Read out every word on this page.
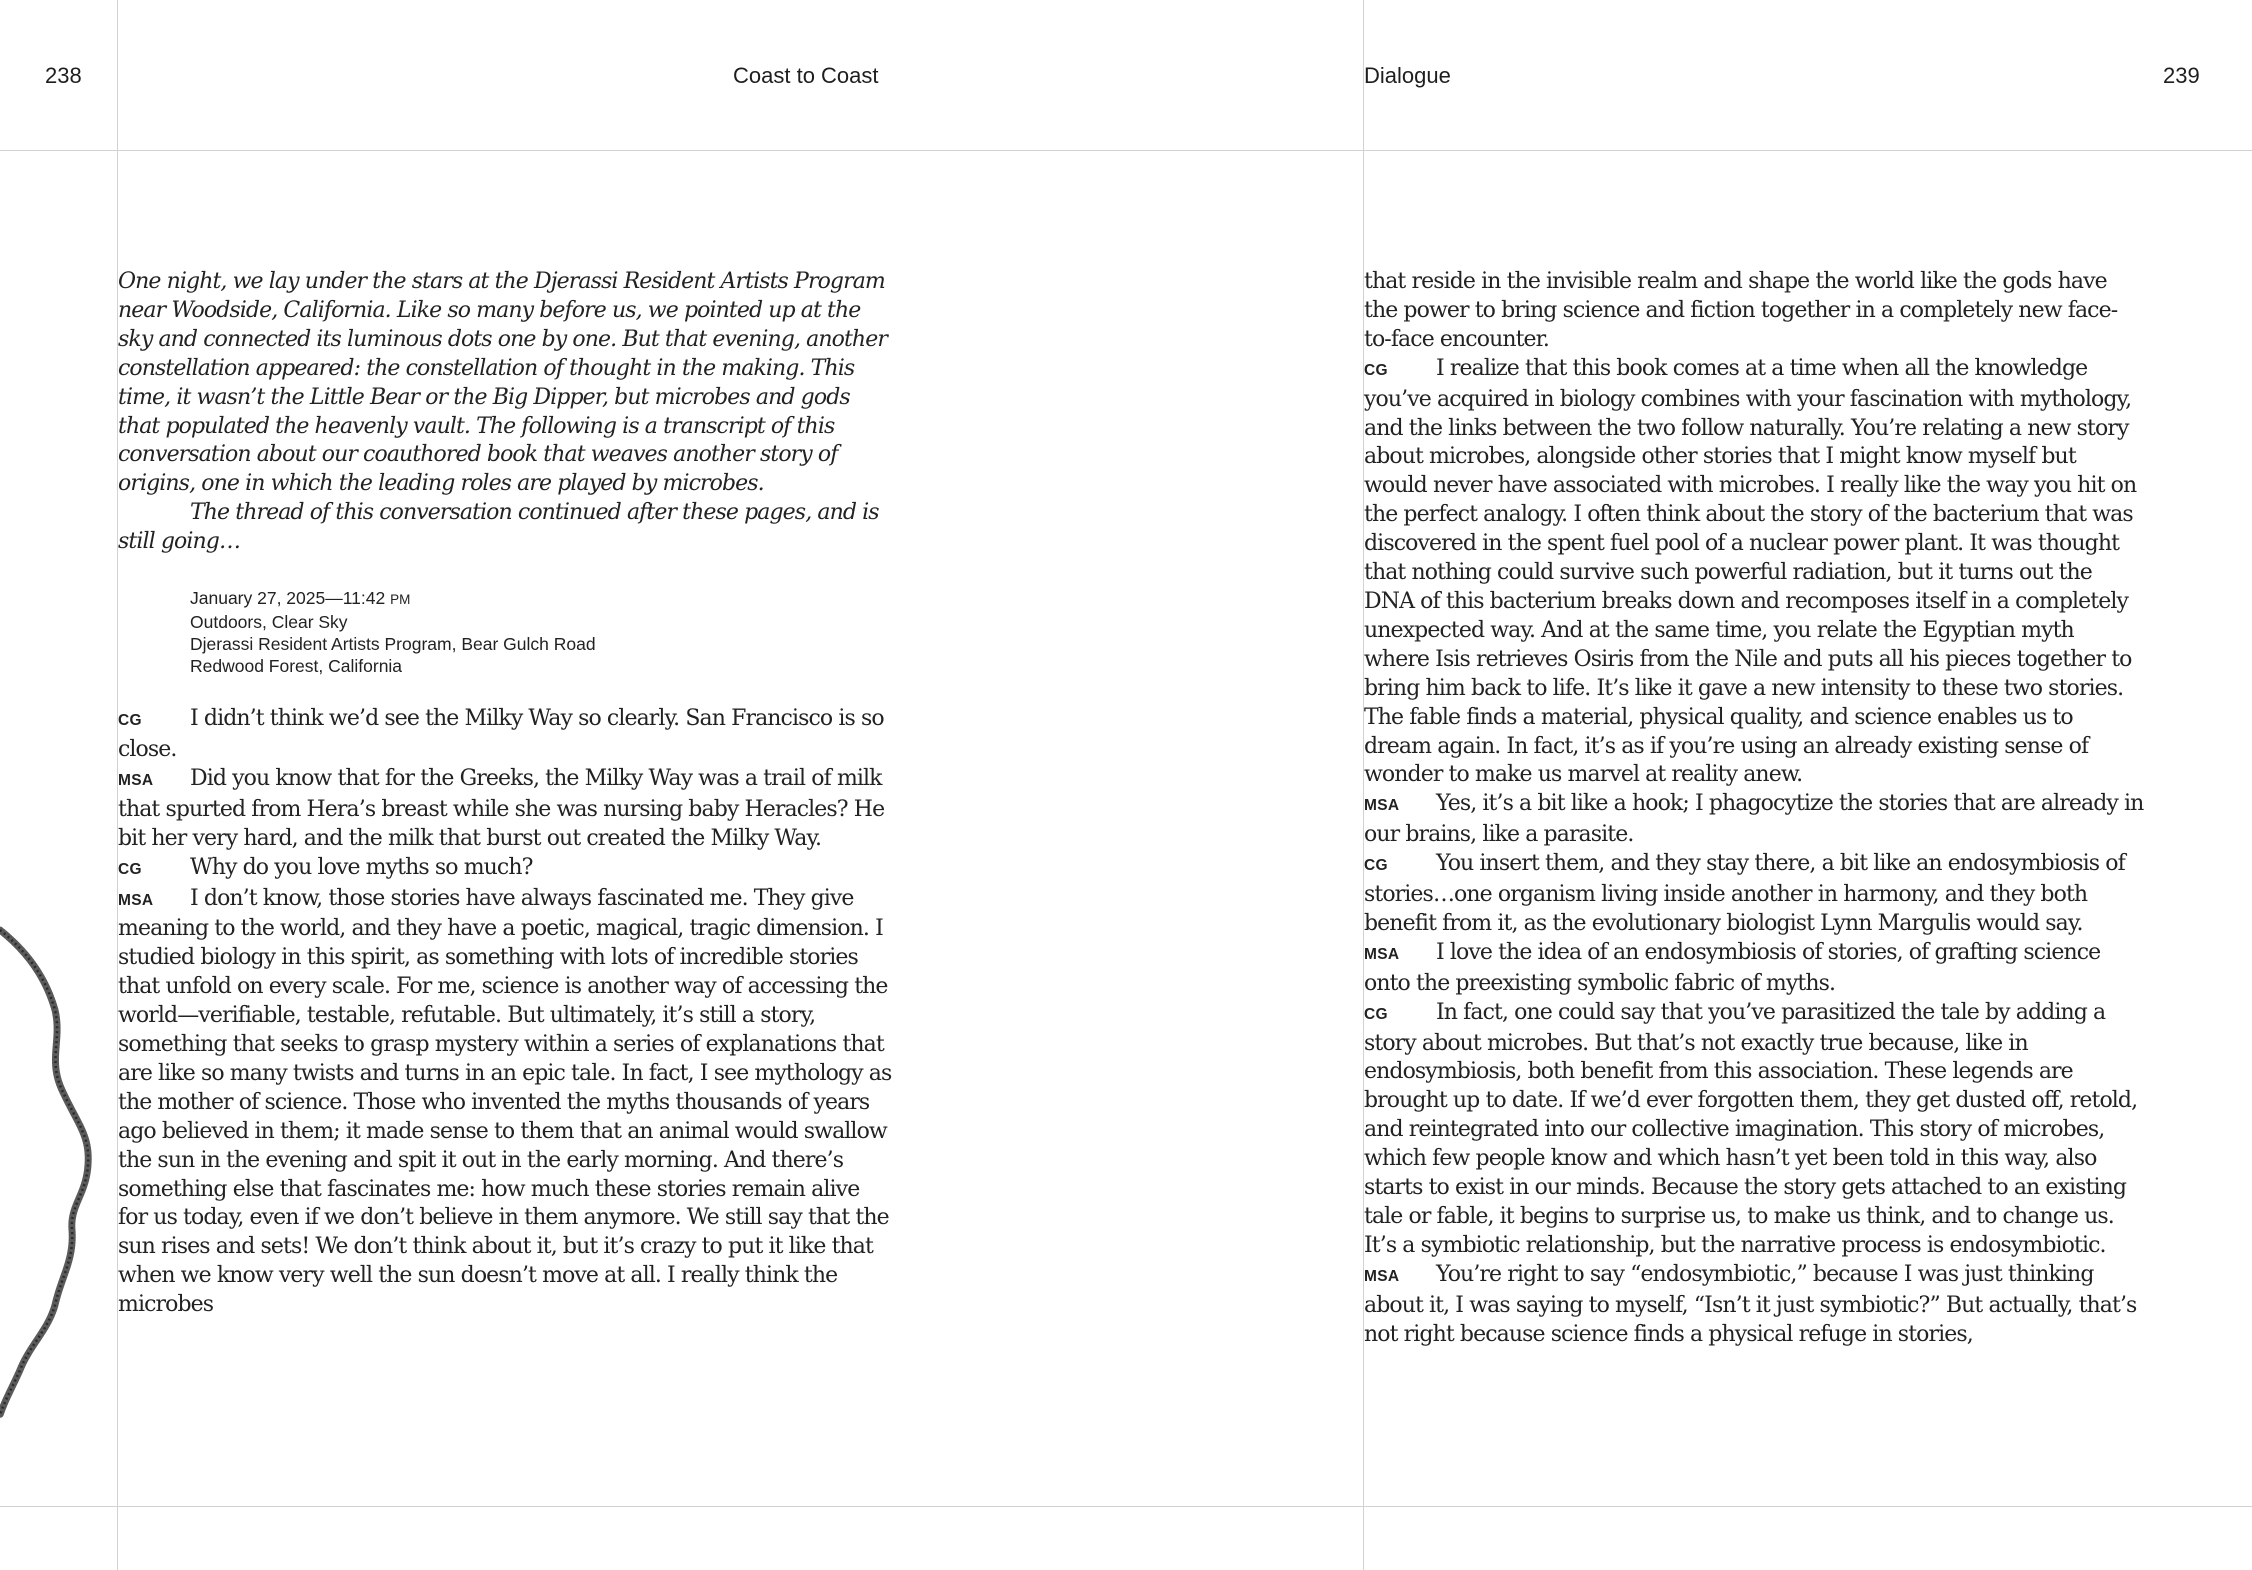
238	Coast to Coast	Dialogue	239

One night, we lay under the stars at the Djerassi Resident Artists Program near Woodside, California. Like so many before us, we pointed up at the sky and connected its luminous dots one by one. But that evening, another constellation appeared: the constellation of thought in the making. This time, it wasn’t the Little Bear or the Big Dipper, but microbes and gods that populated the heavenly vault. The following is a transcript of this conversation about our coauthored book that weaves another story of origins, one in which the leading roles are played by microbes.

The thread of this conversation continued after these pages, and is still going…

January 27, 2025—11:42 PM
Outdoors, Clear Sky
Djerassi Resident Artists Program, Bear Gulch Road
Redwood Forest, California

CG I didn’t think we’d see the Milky Way so clearly. San Francisco is so close.

MSA Did you know that for the Greeks, the Milky Way was a trail of milk that spurted from Hera’s breast while she was nursing baby Heracles? He bit her very hard, and the milk that burst out created the Milky Way.

CG Why do you love myths so much?

MSA I don’t know, those stories have always fascinated me. They give meaning to the world, and they have a poetic, magical, tragic dimension. I studied biology in this spirit, as something with lots of incredible stories that unfold on every scale. For me, science is another way of accessing the world—verifiable, testable, refutable. But ultimately, it’s still a story, something that seeks to grasp mystery within a series of explanations that are like so many twists and turns in an epic tale. In fact, I see mythology as the mother of science. Those who invented the myths thousands of years ago believed in them; it made sense to them that an animal would swallow the sun in the evening and spit it out in the early morning. And there’s something else that fascinates me: how much these stories remain alive for us today, even if we don’t believe in them anymore. We still say that the sun rises and sets! We don’t think about it, but it’s crazy to put it like that when we know very well the sun doesn’t move at all. I really think the microbes

that reside in the invisible realm and shape the world like the gods have the power to bring science and fiction together in a completely new face-to-face encounter.

CG I realize that this book comes at a time when all the knowledge you’ve acquired in biology combines with your fascination with mythology, and the links between the two follow naturally. You’re relating a new story about microbes, alongside other stories that I might know myself but would never have associated with microbes. I really like the way you hit on the perfect analogy. I often think about the story of the bacterium that was discovered in the spent fuel pool of a nuclear power plant. It was thought that nothing could survive such powerful radiation, but it turns out the DNA of this bacterium breaks down and recomposes itself in a completely unexpected way. And at the same time, you relate the Egyptian myth where Isis retrieves Osiris from the Nile and puts all his pieces together to bring him back to life. It’s like it gave a new intensity to these two stories. The fable finds a material, physical quality, and science enables us to dream again. In fact, it’s as if you’re using an already existing sense of wonder to make us marvel at reality anew.

MSA Yes, it’s a bit like a hook; I phagocytize the stories that are already in our brains, like a parasite.

CG You insert them, and they stay there, a bit like an endosymbiosis of stories…one organism living inside another in harmony, and they both benefit from it, as the evolutionary biologist Lynn Margulis would say.

MSA I love the idea of an endosymbiosis of stories, of grafting science onto the preexisting symbolic fabric of myths.

CG In fact, one could say that you’ve parasitized the tale by adding a story about microbes. But that’s not exactly true because, like in endosymbiosis, both benefit from this association. These legends are brought up to date. If we’d ever forgotten them, they get dusted off, retold, and reintegrated into our collective imagination. This story of microbes, which few people know and which hasn’t yet been told in this way, also starts to exist in our minds. Because the story gets attached to an existing tale or fable, it begins to surprise us, to make us think, and to change us. It’s a symbiotic relationship, but the narrative process is endosymbiotic.

MSA You’re right to say “endosymbiotic,” because I was just thinking about it, I was saying to myself, “Isn’t it just symbiotic?” But actually, that’s not right because science finds a physical refuge in stories,
